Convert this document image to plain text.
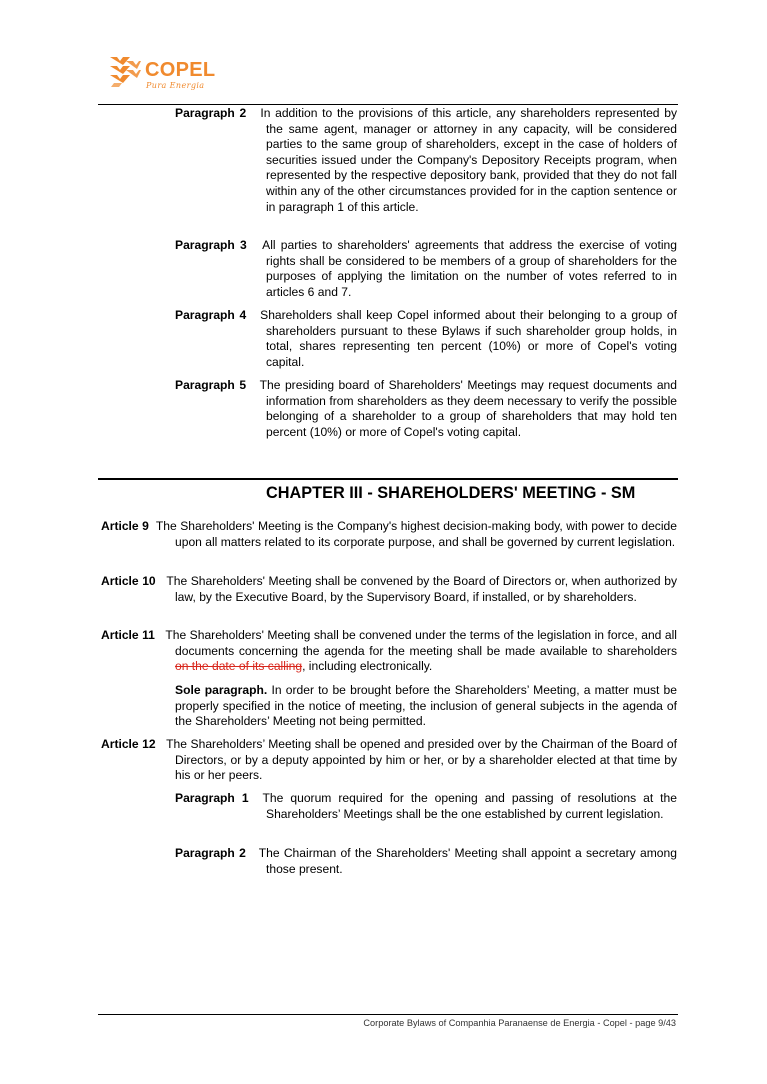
COPEL
Pura Energia
Paragraph 2 In addition to the provisions of this article, any shareholders represented by the same agent, manager or attorney in any capacity, will be considered parties to the same group of shareholders, except in the case of holders of securities issued under the Company's Depository Receipts program, when represented by the respective depository bank, provided that they do not fall within any of the other circumstances provided for in the caption sentence or in paragraph 1 of this article.
Paragraph 3 All parties to shareholders' agreements that address the exercise of voting rights shall be considered to be members of a group of shareholders for the purposes of applying the limitation on the number of votes referred to in articles 6 and 7.
Paragraph 4 Shareholders shall keep Copel informed about their belonging to a group of shareholders pursuant to these Bylaws if such shareholder group holds, in total, shares representing ten percent (10%) or more of Copel's voting capital.
Paragraph 5 The presiding board of Shareholders' Meetings may request documents and information from shareholders as they deem necessary to verify the possible belonging of a shareholder to a group of shareholders that may hold ten percent (10%) or more of Copel's voting capital.
CHAPTER III - SHAREHOLDERS' MEETING - SM
Article 9 The Shareholders' Meeting is the Company's highest decision-making body, with power to decide upon all matters related to its corporate purpose, and shall be governed by current legislation.
Article 10 The Shareholders' Meeting shall be convened by the Board of Directors or, when authorized by law, by the Executive Board, by the Supervisory Board, if installed, or by shareholders.
Article 11 The Shareholders' Meeting shall be convened under the terms of the legislation in force, and all documents concerning the agenda for the meeting shall be made available to shareholders on the date of its calling, including electronically.
Sole paragraph. In order to be brought before the Shareholders’ Meeting, a matter must be properly specified in the notice of meeting, the inclusion of general subjects in the agenda of the Shareholders’ Meeting not being permitted.
Article 12 The Shareholders’ Meeting shall be opened and presided over by the Chairman of the Board of Directors, or by a deputy appointed by him or her, or by a shareholder elected at that time by his or her peers.
Paragraph 1 The quorum required for the opening and passing of resolutions at the Shareholders’ Meetings shall be the one established by current legislation.
Paragraph 2 The Chairman of the Shareholders' Meeting shall appoint a secretary among those present.
Corporate Bylaws of Companhia Paranaense de Energia - Copel - page 9/43
